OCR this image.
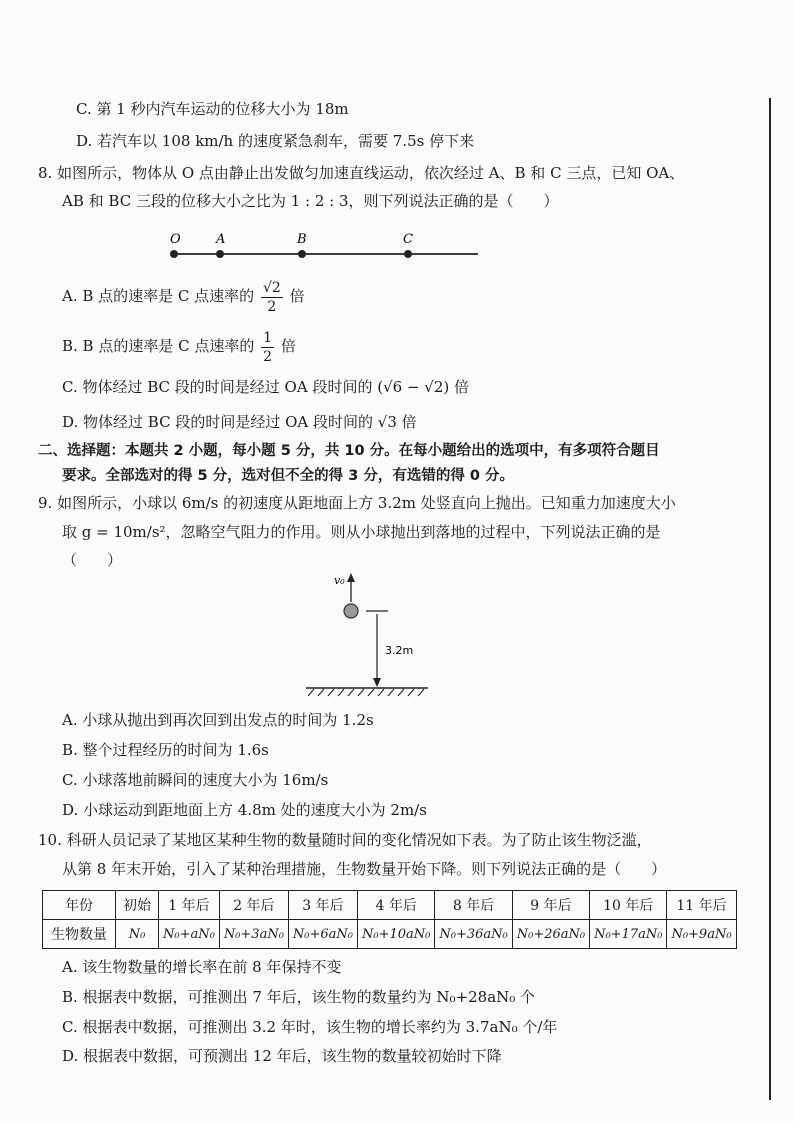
C. 第 1 秒内汽车运动的位移大小为 18m
D. 若汽车以 108 km/h 的速度紧急刹车，需要 7.5s 停下来
8. 如图所示，物体从 O 点由静止出发做匀加速直线运动，依次经过 A、B 和 C 三点，已知 OA、
AB 和 BC 三段的位移大小之比为 1 : 2 : 3，则下列说法正确的是（　　）
O	A	B	C
A. B 点的速率是 C 点速率的 $\frac{√2}{2}$ 倍
B. B 点的速率是 C 点速率的 $\frac{1}{2}$ 倍
C. 物体经过 BC 段的时间是经过 OA 段时间的 (√6 − √2) 倍
D. 物体经过 BC 段的时间是经过 OA 段时间的 √3 倍
二、选择题：本题共 2 小题，每小题 5 分，共 10 分。在每小题给出的选项中，有多项符合题目
要求。全部选对的得 5 分，选对但不全的得 3 分，有选错的得 0 分。
9. 如图所示，小球以 6m/s 的初速度从距地面上方 3.2m 处竖直向上抛出。已知重力加速度大小
取 g = 10m/s²，忽略空气阻力的作用。则从小球抛出到落地的过程中，下列说法正确的是
（　　）
v₀
3.2m
A. 小球从抛出到再次回到出发点的时间为 1.2s
B. 整个过程经历的时间为 1.6s
C. 小球落地前瞬间的速度大小为 16m/s
D. 小球运动到距地面上方 4.8m 处的速度大小为 2m/s
10. 科研人员记录了某地区某种生物的数量随时间的变化情况如下表。为了防止该生物泛滥，
从第 8 年末开始，引入了某种治理措施，生物数量开始下降。则下列说法正确的是（　　）
年份	初始	1 年后	2 年后	3 年后	4 年后	8 年后	9 年后	10 年后	11 年后
生物数量	N₀	N₀+aN₀	N₀+3aN₀	N₀+6aN₀	N₀+10aN₀	N₀+36aN₀	N₀+26aN₀	N₀+17aN₀	N₀+9aN₀
A. 该生物数量的增长率在前 8 年保持不变
B. 根据表中数据，可推测出 7 年后，该生物的数量约为 N₀+28aN₀ 个
C. 根据表中数据，可推测出 3.2 年时，该生物的增长率约为 3.7aN₀ 个/年
D. 根据表中数据，可预测出 12 年后，该生物的数量较初始时下降
